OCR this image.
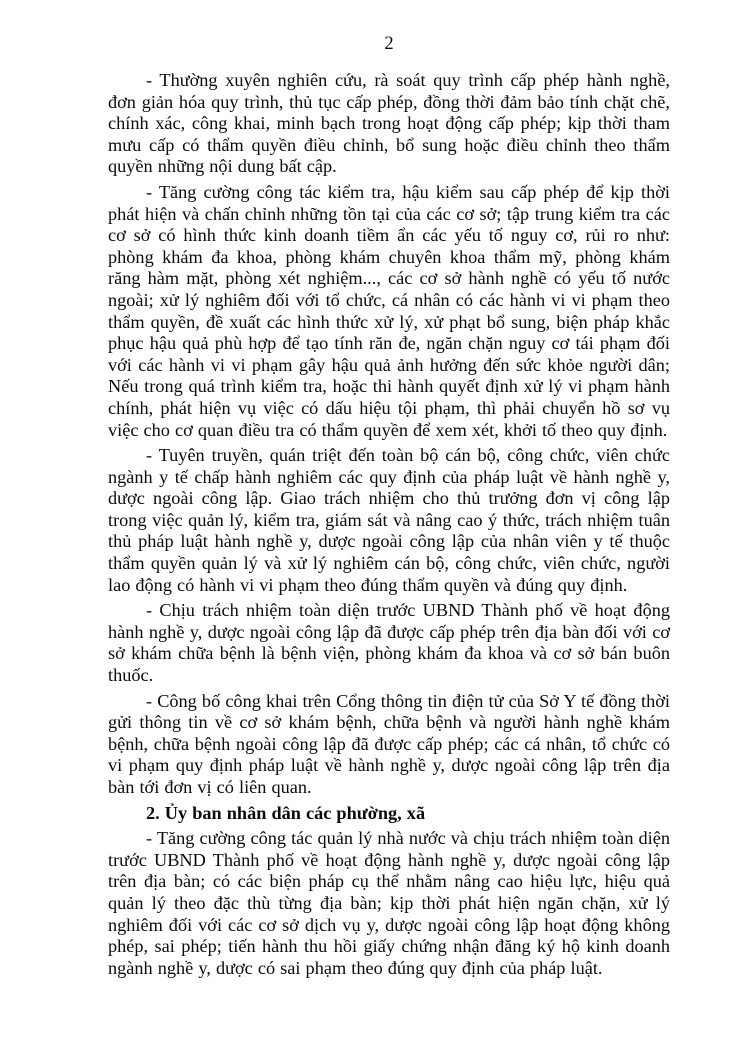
2

- Thường xuyên nghiên cứu, rà soát quy trình cấp phép hành nghề, đơn giản hóa quy trình, thủ tục cấp phép, đồng thời đảm bảo tính chặt chẽ, chính xác, công khai, minh bạch trong hoạt động cấp phép; kịp thời tham mưu cấp có thẩm quyền điều chỉnh, bổ sung hoặc điều chỉnh theo thẩm quyền những nội dung bất cập.

- Tăng cường công tác kiểm tra, hậu kiểm sau cấp phép để kịp thời phát hiện và chấn chỉnh những tồn tại của các cơ sở; tập trung kiểm tra các cơ sở có hình thức kinh doanh tiềm ẩn các yếu tố nguy cơ, rủi ro như: phòng khám đa khoa, phòng khám chuyên khoa thẩm mỹ, phòng khám răng hàm mặt, phòng xét nghiệm..., các cơ sở hành nghề có yếu tố nước ngoài; xử lý nghiêm đối với tổ chức, cá nhân có các hành vi vi phạm theo thẩm quyền, đề xuất các hình thức xử lý, xử phạt bổ sung, biện pháp khắc phục hậu quả phù hợp để tạo tính răn đe, ngăn chặn nguy cơ tái phạm đối với các hành vi vi phạm gây hậu quả ảnh hưởng đến sức khỏe người dân; Nếu trong quá trình kiểm tra, hoặc thi hành quyết định xử lý vi phạm hành chính, phát hiện vụ việc có dấu hiệu tội phạm, thì phải chuyển hồ sơ vụ việc cho cơ quan điều tra có thẩm quyền để xem xét, khởi tố theo quy định.

- Tuyên truyền, quán triệt đến toàn bộ cán bộ, công chức, viên chức ngành y tế chấp hành nghiêm các quy định của pháp luật về hành nghề y, dược ngoài công lập. Giao trách nhiệm cho thủ trưởng đơn vị công lập trong việc quản lý, kiểm tra, giám sát và nâng cao ý thức, trách nhiệm tuân thủ pháp luật hành nghề y, dược ngoài công lập của nhân viên y tế thuộc thẩm quyền quản lý và xử lý nghiêm cán bộ, công chức, viên chức, người lao động có hành vi vi phạm theo đúng thẩm quyền và đúng quy định.

- Chịu trách nhiệm toàn diện trước UBND Thành phố về hoạt động hành nghề y, dược ngoài công lập đã được cấp phép trên địa bàn đối với cơ sở khám chữa bệnh là bệnh viện, phòng khám đa khoa và cơ sở bán buôn thuốc.

- Công bố công khai trên Cổng thông tin điện tử của Sở Y tế đồng thời gửi thông tin về cơ sở khám bệnh, chữa bệnh và người hành nghề khám bệnh, chữa bệnh ngoài công lập đã được cấp phép; các cá nhân, tổ chức có vi phạm quy định pháp luật về hành nghề y, dược ngoài công lập trên địa bàn tới đơn vị có liên quan.

2. Ủy ban nhân dân các phường, xã

- Tăng cường công tác quản lý nhà nước và chịu trách nhiệm toàn diện trước UBND Thành phố về hoạt động hành nghề y, dược ngoài công lập trên địa bàn; có các biện pháp cụ thể nhằm nâng cao hiệu lực, hiệu quả quản lý theo đặc thù từng địa bàn; kịp thời phát hiện ngăn chặn, xử lý nghiêm đối với các cơ sở dịch vụ y, dược ngoài công lập hoạt động không phép, sai phép; tiến hành thu hồi giấy chứng nhận đăng ký hộ kinh doanh ngành nghề y, dược có sai phạm theo đúng quy định của pháp luật.
